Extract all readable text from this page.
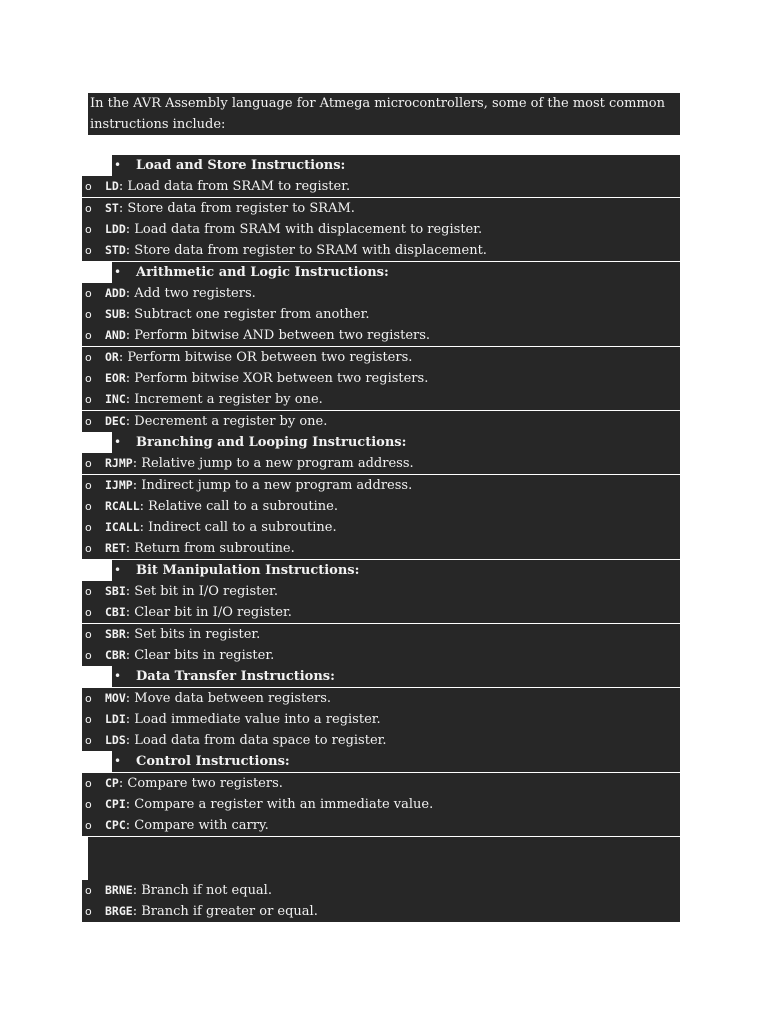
In the AVR Assembly language for Atmega microcontrollers, some of the most common instructions include:
• Load and Store Instructions:
o	LD: Load data from SRAM to register.
o	ST: Store data from register to SRAM.
o	LDD: Load data from SRAM with displacement to register.
o	STD: Store data from register to SRAM with displacement.
• Arithmetic and Logic Instructions:
o	ADD: Add two registers.
o	SUB: Subtract one register from another.
o	AND: Perform bitwise AND between two registers.
o	OR: Perform bitwise OR between two registers.
o	EOR: Perform bitwise XOR between two registers.
o	INC: Increment a register by one.
o	DEC: Decrement a register by one.
• Branching and Looping Instructions:
o	RJMP: Relative jump to a new program address.
o	IJMP: Indirect jump to a new program address.
o	RCALL: Relative call to a subroutine.
o	ICALL: Indirect call to a subroutine.
o	RET: Return from subroutine.
• Bit Manipulation Instructions:
o	SBI: Set bit in I/O register.
o	CBI: Clear bit in I/O register.
o	SBR: Set bits in register.
o	CBR: Clear bits in register.
• Data Transfer Instructions:
o	MOV: Move data between registers.
o	LDI: Load immediate value into a register.
o	LDS: Load data from data space to register.
• Control Instructions:
o	CP: Compare two registers.
o	CPI: Compare a register with an immediate value.
o	CPC: Compare with carry.
o	BRNE: Branch if not equal.
o	BRGE: Branch if greater or equal.
